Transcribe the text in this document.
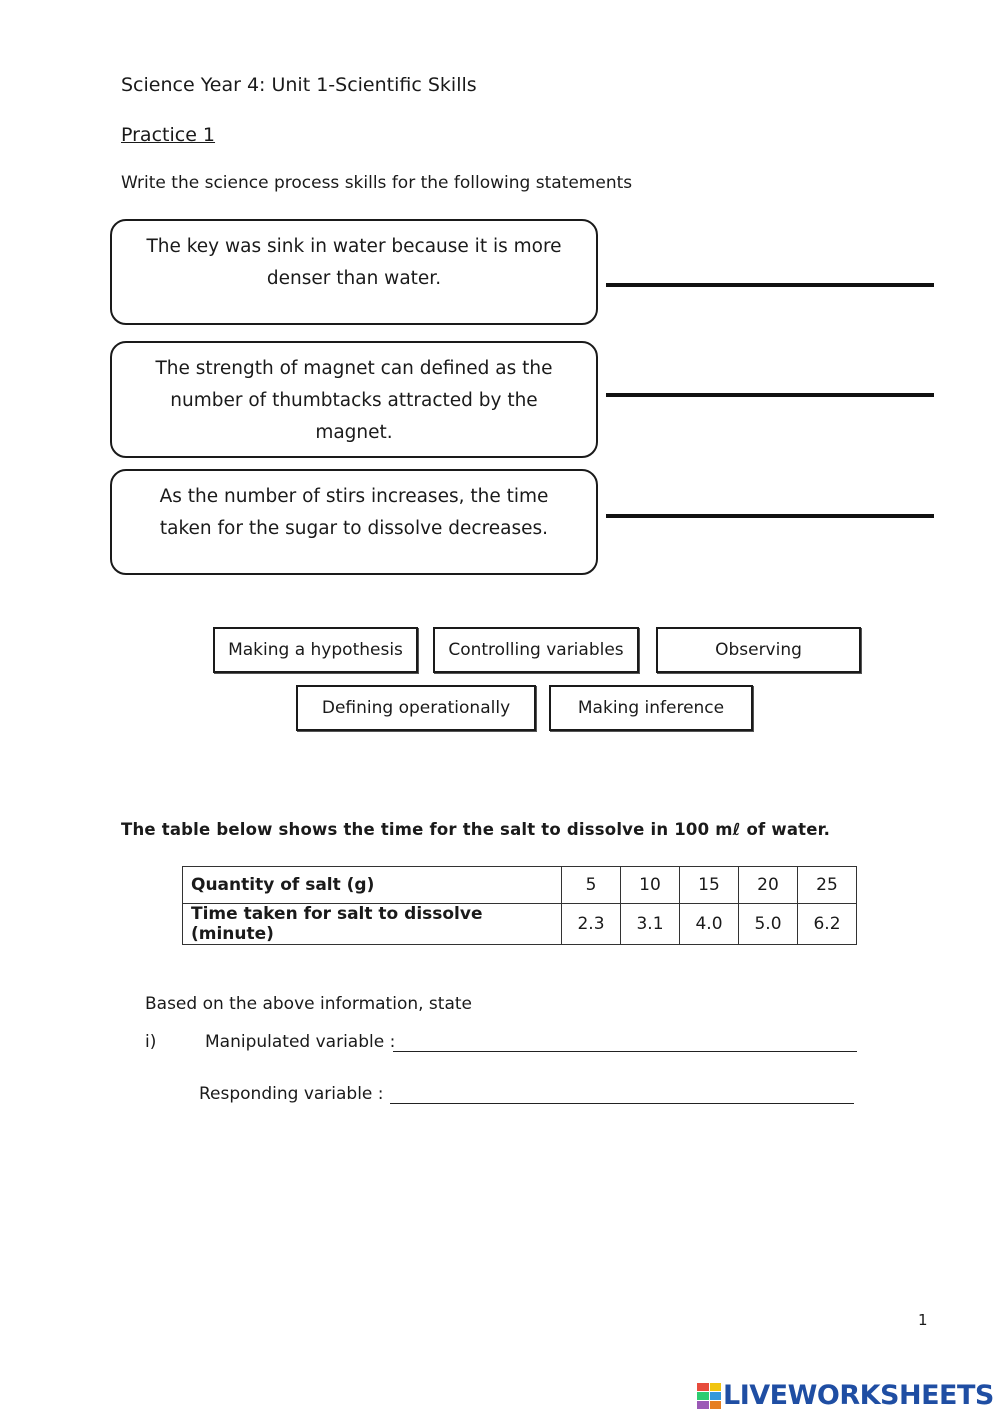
Science Year 4: Unit 1-Scientific Skills
Practice 1
Write the science process skills for the following statements
The key was sink in water because it is more denser than water.
The strength of magnet can defined as the number of thumbtacks attracted by the magnet.
As the number of stirs increases, the time taken for the sugar to dissolve decreases.
Making a hypothesis	Controlling variables	Observing
Defining operationally	Making inference
The table below shows the time for the salt to dissolve in 100 mℓ of water.
Quantity of salt (g)	5	10	15	20	25
Time taken for salt to dissolve (minute)	2.3	3.1	4.0	5.0	6.2
Based on the above information, state
i)	Manipulated variable :
Responding variable :
1
LIVEWORKSHEETS
